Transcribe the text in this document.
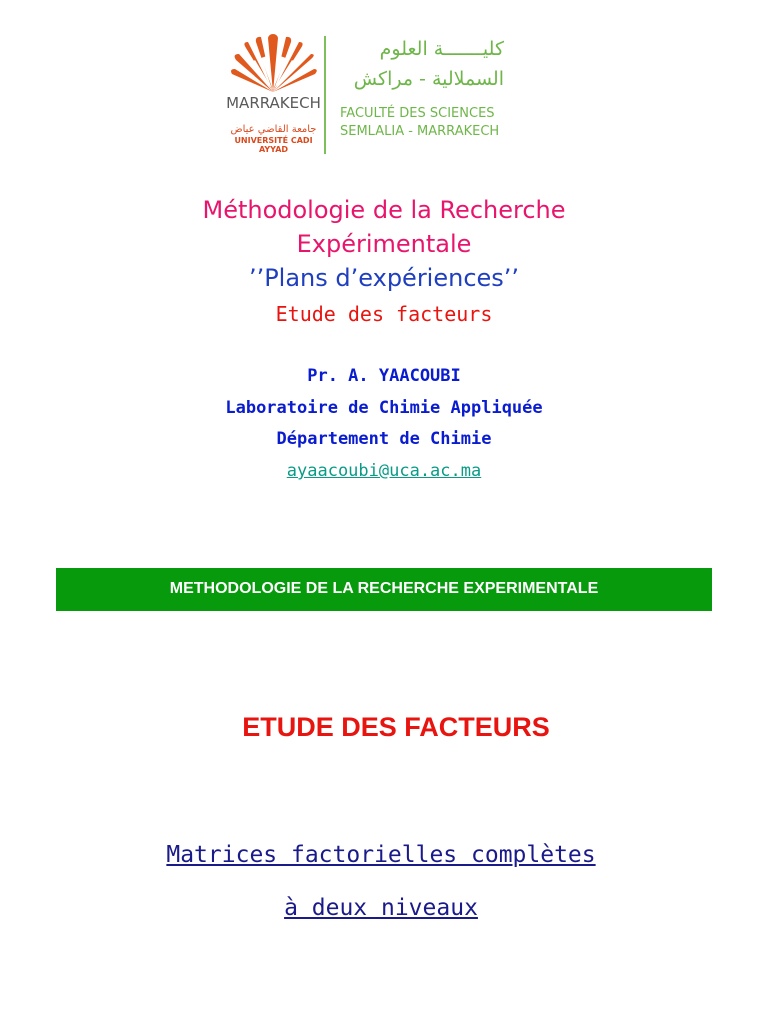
MARRAKECH
جامعة القاضي عياض
UNIVERSITÉ CADI AYYAD
كليـــــــة العلوم
السملالية - مراكش
FACULTÉ DES SCIENCES
SEMLALIA - MARRAKECH
Méthodologie de la Recherche
Expérimentale
’’Plans d’expériences’’
Etude des facteurs
Pr. A. YAACOUBI
Laboratoire de Chimie Appliquée
Département de Chimie
ayaacoubi@uca.ac.ma
METHODOLOGIE DE LA RECHERCHE EXPERIMENTALE
ETUDE DES FACTEURS
Matrices factorielles complètes
à deux niveaux
